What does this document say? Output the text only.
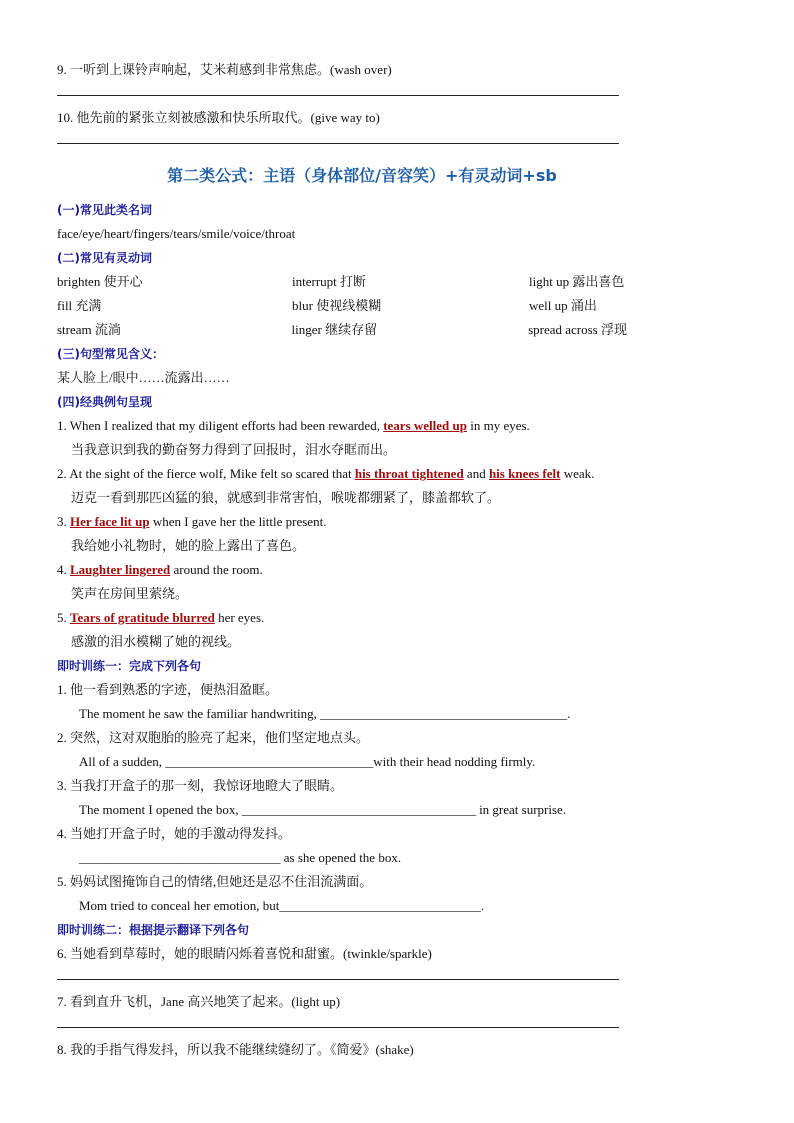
9. 一听到上课铃声响起，艾米莉感到非常焦虑。(wash over)
10. 他先前的紧张立刻被感激和快乐所取代。(give way to)
第二类公式：主语（身体部位/音容笑）+有灵动词+sb
(一)常见此类名词
face/eye/heart/fingers/tears/smile/voice/throat
(二)常见有灵动词
brighten 使开心	interrupt 打断	light up 露出喜色
fill 充满	blur 使视线模糊	well up 涌出
stream 流淌	linger 继续存留	spread across 浮现
(三)句型常见含义：
某人脸上/眼中……流露出……
(四)经典例句呈现
1. When I realized that my diligent efforts had been rewarded, tears welled up in my eyes.
当我意识到我的勤奋努力得到了回报时，泪水夺眶而出。
2. At the sight of the fierce wolf, Mike felt so scared that his throat tightened and his knees felt weak.
迈克一看到那匹凶猛的狼，就感到非常害怕，喉咙都绷紧了，膝盖都软了。
3. Her face lit up when I gave her the little present.
我给她小礼物时，她的脸上露出了喜色。
4. Laughter lingered around the room.
笑声在房间里萦绕。
5. Tears of gratitude blurred her eyes.
感激的泪水模糊了她的视线。
即时训练一：完成下列各句
1. 他一看到熟悉的字迹，便热泪盈眶。
The moment he saw the familiar handwriting, ______________________________________.
2. 突然，这对双胞胎的脸亮了起来，他们坚定地点头。
All of a sudden, ________________________________with their head nodding firmly.
3. 当我打开盒子的那一刻，我惊讶地瞪大了眼睛。
The moment I opened the box, ____________________________________ in great surprise.
4. 当她打开盒子时，她的手激动得发抖。
_______________________________ as she opened the box.
5. 妈妈试图掩饰自己的情绪,但她还是忍不住泪流满面。
Mom tried to conceal her emotion, but_______________________________.
即时训练二：根据提示翻译下列各句
6. 当她看到草莓时，她的眼睛闪烁着喜悦和甜蜜。(twinkle/sparkle)
7. 看到直升飞机，Jane 高兴地笑了起来。(light up)
8. 我的手指气得发抖，所以我不能继续缝纫了。《简爱》(shake)
